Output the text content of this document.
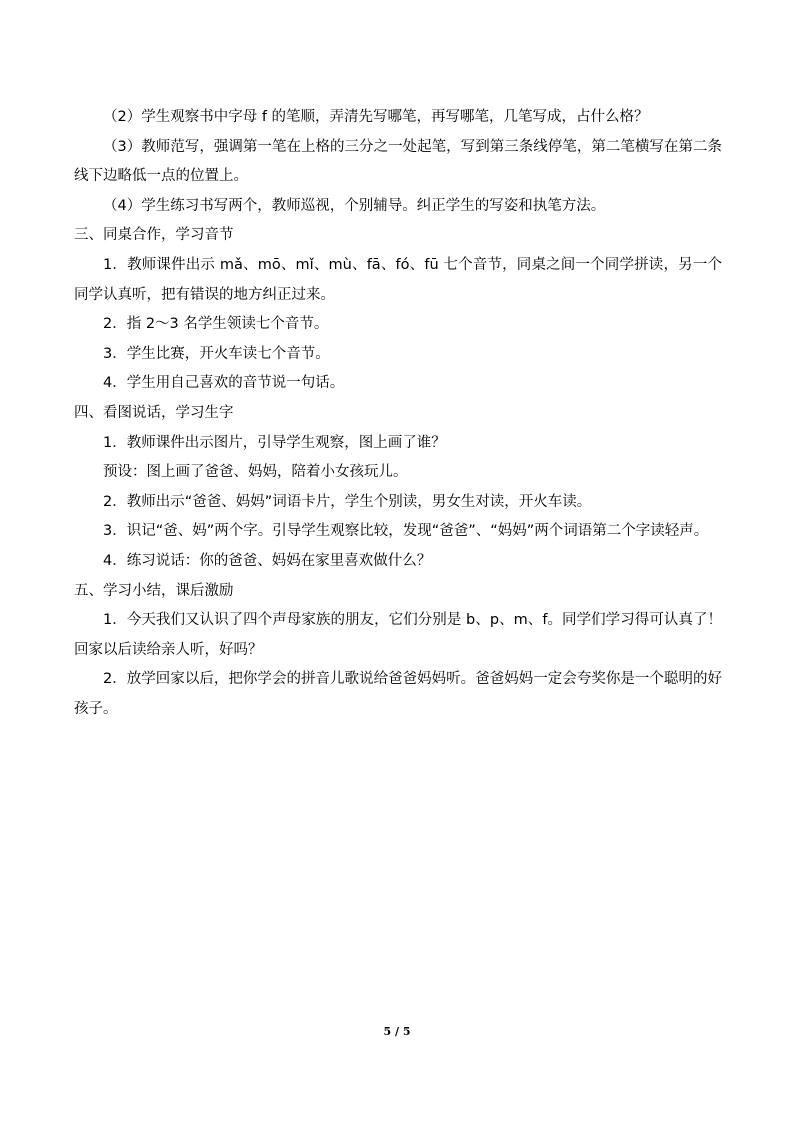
（2）学生观察书中字母 f 的笔顺，弄清先写哪笔，再写哪笔，几笔写成，占什么格？

（3）教师范写，强调第一笔在上格的三分之一处起笔，写到第三条线停笔，第二笔横写在第二条线下边略低一点的位置上。

（4）学生练习书写两个，教师巡视，个别辅导。纠正学生的写姿和执笔方法。

三、同桌合作，学习音节

1．教师课件出示 mǎ、mō、mǐ、mù、fā、fó、fū 七个音节，同桌之间一个同学拼读，另一个同学认真听，把有错误的地方纠正过来。

2．指 2～3 名学生领读七个音节。

3．学生比赛，开火车读七个音节。

4．学生用自己喜欢的音节说一句话。

四、看图说话，学习生字

1．教师课件出示图片，引导学生观察，图上画了谁？

预设：图上画了爸爸、妈妈，陪着小女孩玩儿。

2．教师出示“爸爸、妈妈”词语卡片，学生个别读，男女生对读，开火车读。

3．识记“爸、妈”两个字。引导学生观察比较，发现“爸爸”、“妈妈”两个词语第二个字读轻声。

4．练习说话：你的爸爸、妈妈在家里喜欢做什么？

五、学习小结，课后激励

1．今天我们又认识了四个声母家族的朋友，它们分别是 b、p、m、f。同学们学习得可认真了！回家以后读给亲人听，好吗？

2．放学回家以后，把你学会的拼音儿歌说给爸爸妈妈听。爸爸妈妈一定会夸奖你是一个聪明的好孩子。

5 / 5
